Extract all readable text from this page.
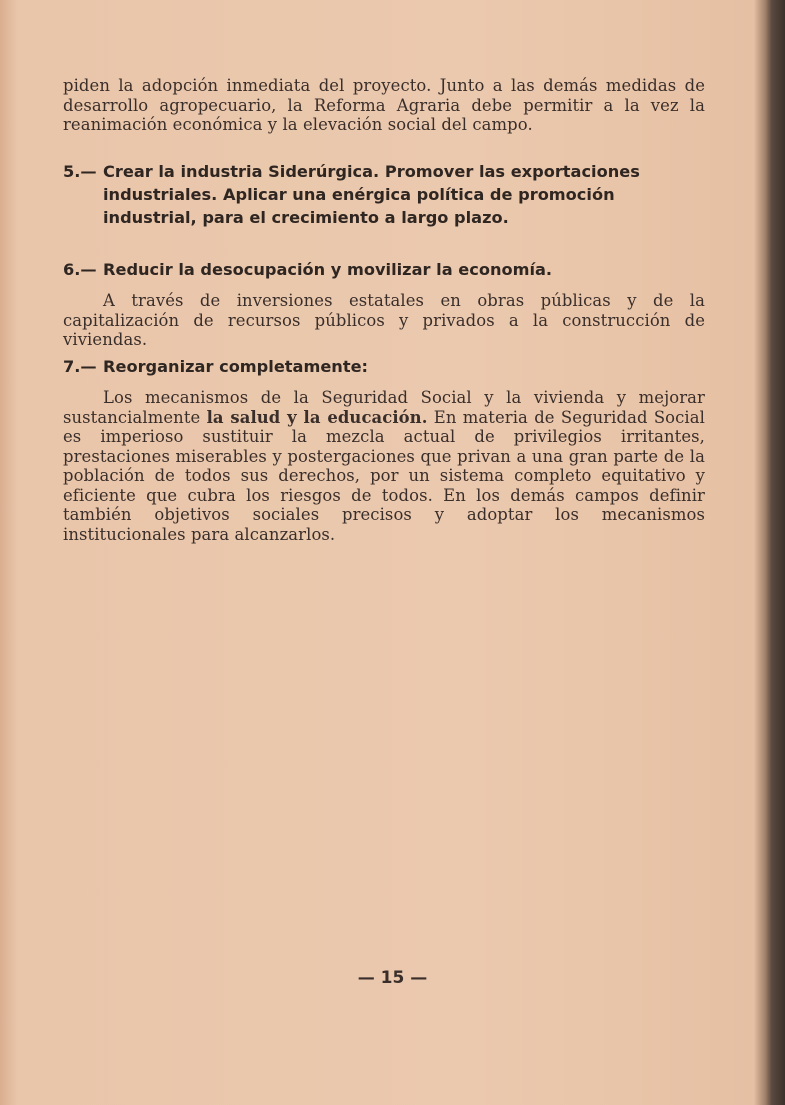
piden la adopción inmediata del proyecto. Junto a las demás medidas de desarrollo agropecuario, la Reforma Agraria debe permitir a la vez la reanimación económica y la elevación social del campo.

5.— Crear la industria Siderúrgica. Promover las exportaciones industriales. Aplicar una enérgica política de promoción industrial, para el crecimiento a largo plazo.

6.— Reducir la desocupación y movilizar la economía.

A través de inversiones estatales en obras públicas y de la capitalización de recursos públicos y privados a la construcción de viviendas.

7.— Reorganizar completamente:

Los mecanismos de la Seguridad Social y la vivienda y mejorar sustancialmente la salud y la educación. En materia de Seguridad Social es imperioso sustituir la mezcla actual de privilegios irritantes, prestaciones miserables y postergaciones que privan a una gran parte de la población de todos sus derechos, por un sistema completo equitativo y eficiente que cubra los riesgos de todos. En los demás campos definir también objetivos sociales precisos y adoptar los mecanismos institucionales para alcanzarlos.

— 15 —
